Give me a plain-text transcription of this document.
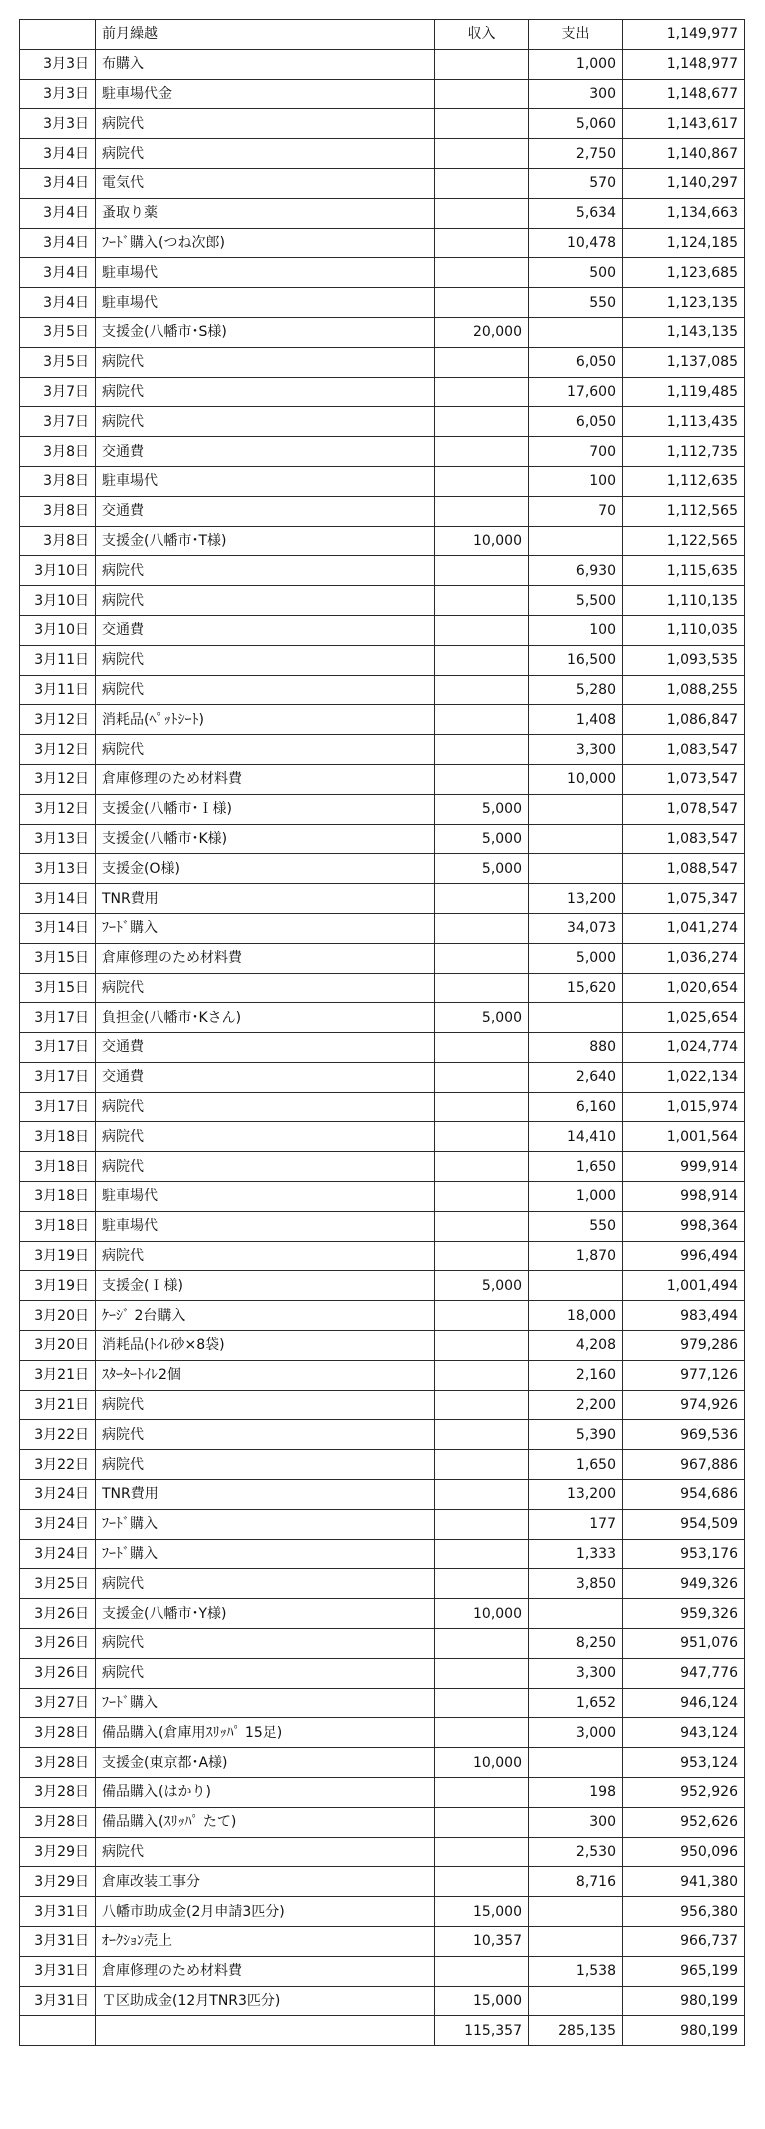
	前月繰越	収入	支出	1,149,977
3月3日	布購入		1,000	1,148,977
3月3日	駐車場代金		300	1,148,677
3月3日	病院代		5,060	1,143,617
3月4日	病院代		2,750	1,140,867
3月4日	電気代		570	1,140,297
3月4日	蚤取り薬		5,634	1,134,663
3月4日	ﾌｰﾄﾞ購入(つね次郎)		10,478	1,124,185
3月4日	駐車場代		500	1,123,685
3月4日	駐車場代		550	1,123,135
3月5日	支援金(八幡市･S様)	20,000		1,143,135
3月5日	病院代		6,050	1,137,085
3月7日	病院代		17,600	1,119,485
3月7日	病院代		6,050	1,113,435
3月8日	交通費		700	1,112,735
3月8日	駐車場代		100	1,112,635
3月8日	交通費		70	1,112,565
3月8日	支援金(八幡市･T様)	10,000		1,122,565
3月10日	病院代		6,930	1,115,635
3月10日	病院代		5,500	1,110,135
3月10日	交通費		100	1,110,035
3月11日	病院代		16,500	1,093,535
3月11日	病院代		5,280	1,088,255
3月12日	消耗品(ﾍﾟｯﾄｼｰﾄ)		1,408	1,086,847
3月12日	病院代		3,300	1,083,547
3月12日	倉庫修理のため材料費		10,000	1,073,547
3月12日	支援金(八幡市･Ｉ様)	5,000		1,078,547
3月13日	支援金(八幡市･K様)	5,000		1,083,547
3月13日	支援金(O様)	5,000		1,088,547
3月14日	TNR費用		13,200	1,075,347
3月14日	ﾌｰﾄﾞ購入		34,073	1,041,274
3月15日	倉庫修理のため材料費		5,000	1,036,274
3月15日	病院代		15,620	1,020,654
3月17日	負担金(八幡市･Kさん)	5,000		1,025,654
3月17日	交通費		880	1,024,774
3月17日	交通費		2,640	1,022,134
3月17日	病院代		6,160	1,015,974
3月18日	病院代		14,410	1,001,564
3月18日	病院代		1,650	999,914
3月18日	駐車場代		1,000	998,914
3月18日	駐車場代		550	998,364
3月19日	病院代		1,870	996,494
3月19日	支援金(Ｉ様)	5,000		1,001,494
3月20日	ｹｰｼﾞ 2台購入		18,000	983,494
3月20日	消耗品(ﾄｲﾚ砂×8袋)		4,208	979,286
3月21日	ｽﾀｰﾀｰﾄｲﾚ2個		2,160	977,126
3月21日	病院代		2,200	974,926
3月22日	病院代		5,390	969,536
3月22日	病院代		1,650	967,886
3月24日	TNR費用		13,200	954,686
3月24日	ﾌｰﾄﾞ購入		177	954,509
3月24日	ﾌｰﾄﾞ購入		1,333	953,176
3月25日	病院代		3,850	949,326
3月26日	支援金(八幡市･Y様)	10,000		959,326
3月26日	病院代		8,250	951,076
3月26日	病院代		3,300	947,776
3月27日	ﾌｰﾄﾞ購入		1,652	946,124
3月28日	備品購入(倉庫用ｽﾘｯﾊﾟ 15足)		3,000	943,124
3月28日	支援金(東京都･A様)	10,000		953,124
3月28日	備品購入(はかり)		198	952,926
3月28日	備品購入(ｽﾘｯﾊﾟ たて)		300	952,626
3月29日	病院代		2,530	950,096
3月29日	倉庫改装工事分		8,716	941,380
3月31日	八幡市助成金(2月申請3匹分)	15,000		956,380
3月31日	ｵｰｸｼｮﾝ売上	10,357		966,737
3月31日	倉庫修理のため材料費		1,538	965,199
3月31日	Ｔ区助成金(12月TNR3匹分)	15,000		980,199
		115,357	285,135	980,199
